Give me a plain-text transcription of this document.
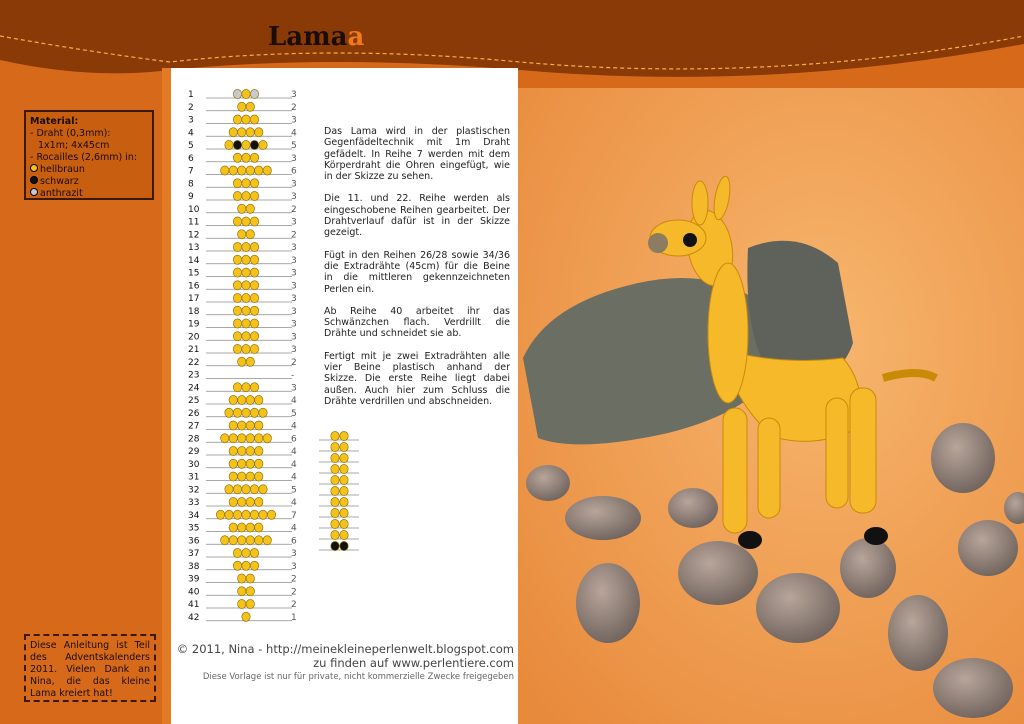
Lamaa
Material:
- Draht (0,3mm):
1x1m; 4x45cm
- Rocailles (2,6mm) in:
hellbraun
schwarz
anthrazit
Diese Anleitung ist Teil des Adventskalenders 2011. Vielen Dank an Nina, die das kleine Lama kreiert hat!
1	3
2	2
3	3
4	4
5	5
6	3
7	6
8	3
9	3
10	2
11	3
12	2
13	3
14	3
15	3
16	3
17	3
18	3
19	3
20	3
21	3
22	2
23	-
24	3
25	4
26	5
27	4
28	6
29	4
30	4
31	4
32	5
33	4
34	7
35	4
36	6
37	3
38	3
39	2
40	2
41	2
42	1

Das Lama wird in der plastischen Gegenfädeltechnik mit 1m Draht gefädelt. In Reihe 7 werden mit dem Körperdraht die Ohren eingefügt, wie in der Skizze zu sehen.

Die 11. und 22. Reihe werden als eingeschobene Reihen gearbeitet. Der Drahtverlauf dafür ist in der Skizze gezeigt.

Fügt in den Reihen 26/28 sowie 34/36 die Extradrähte (45cm) für die Beine in die mittleren gekennzeichneten Perlen ein.

Ab Reihe 40 arbeitet ihr das Schwänzchen flach. Verdrillt die Drähte und schneidet sie ab.

Fertigt mit je zwei Extradrähten alle vier Beine plastisch anhand der Skizze. Die erste Reihe liegt dabei außen. Auch hier zum Schluss die Drähte verdrillen und abschneiden.

© 2011, Nina - http://meinekleineperlenwelt.blogspot.com
zu finden auf www.perlentiere.com
Diese Vorlage ist nur für private, nicht kommerzielle Zwecke freigegeben
